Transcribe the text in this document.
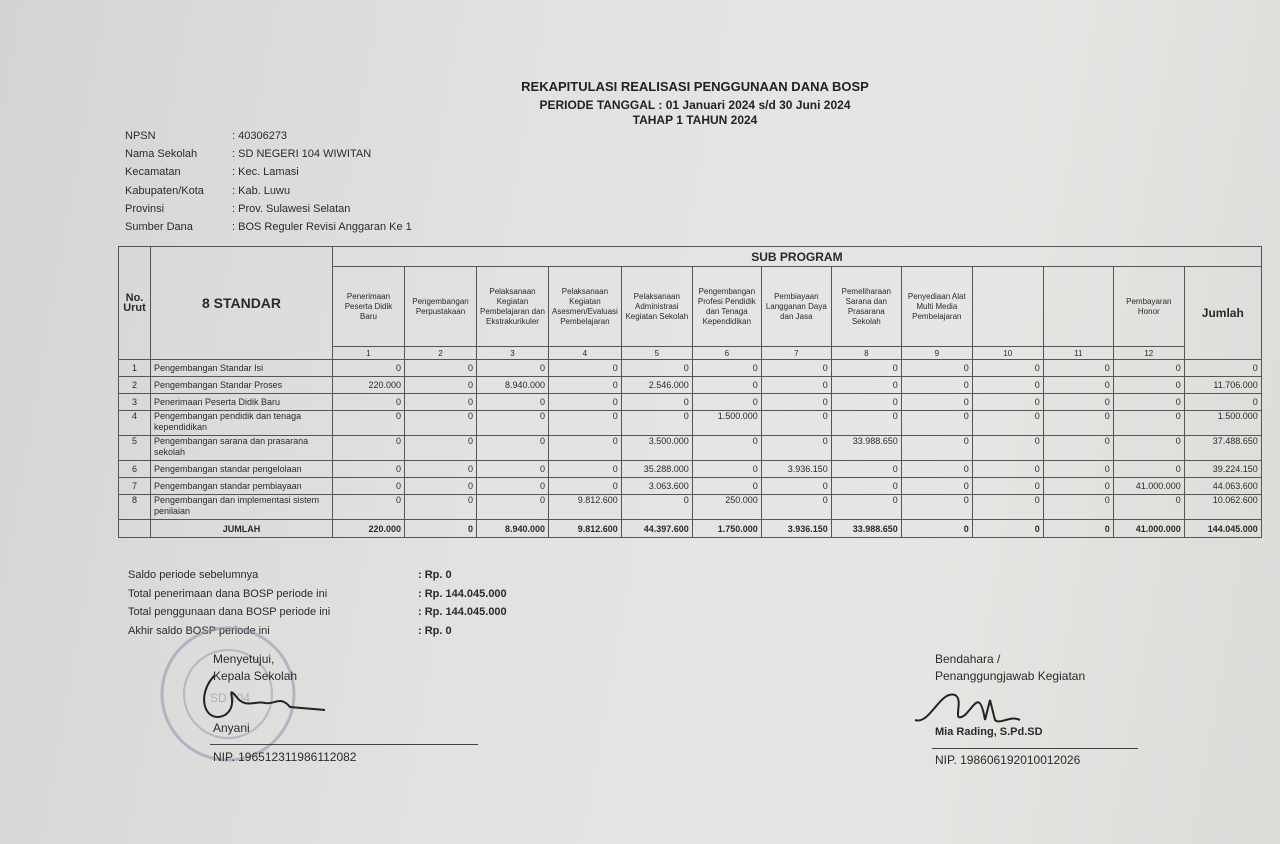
REKAPITULASI REALISASI PENGGUNAAN DANA BOSP
PERIODE TANGGAL : 01 Januari 2024 s/d 30 Juni 2024
TAHAP 1 TAHUN 2024
NPSN	: 40306273
Nama Sekolah	: SD NEGERI 104 WIWITAN
Kecamatan	: Kec. Lamasi
Kabupaten/Kota	: Kab. Luwu
Provinsi	: Prov. Sulawesi Selatan
Sumber Dana	: BOS Reguler Revisi Anggaran Ke 1
No. Urut	8 STANDAR	SUB PROGRAM												
		Penerimaan Peserta Didik Baru	Pengembangan Perpustakaan	Pelaksanaan Kegiatan Pembelajaran dan Ekstrakurikuler	Pelaksanaan Kegiatan Asesmen/Evaluasi Pembelajaran	Pelaksanaan Administrasi Kegiatan Sekolah	Pengembangan Profesi Pendidik dan Tenaga Kependidikan	Pembiayaan Langganan Daya dan Jasa	Pemeliharaan Sarana dan Prasarana Sekolah	Penyediaan Alat Multi Media Pembelajaran			Pembayaran Honor	Jumlah
		1	2	3	4	5	6	7	8	9	10	11	12	
1	Pengembangan Standar Isi	0	0	0	0	0	0	0	0	0	0	0	0	0
2	Pengembangan Standar Proses	220.000	0	8.940.000	0	2.546.000	0	0	0	0	0	0	0	11.706.000
3	Penerimaan Peserta Didik Baru	0	0	0	0	0	0	0	0	0	0	0	0	0
4	Pengembangan pendidik dan tenaga kependidikan	0	0	0	0	0	1.500.000	0	0	0	0	0	0	1.500.000
5	Pengembangan sarana dan prasarana sekolah	0	0	0	0	3.500.000	0	0	33.988.650	0	0	0	0	37.488.650
6	Pengembangan standar pengelolaan	0	0	0	0	35.288.000	0	3.936.150	0	0	0	0	0	39.224.150
7	Pengembangan standar pembiayaan	0	0	0	0	3.063.600	0	0	0	0	0	0	41.000.000	44.063.600
8	Pengembangan dan implementasi sistem penilaian	0	0	0	9.812.600	0	250.000	0	0	0	0	0	0	10.062.600
	JUMLAH	220.000	0	8.940.000	9.812.600	44.397.600	1.750.000	3.936.150	33.988.650	0	0	0	41.000.000	144.045.000
Saldo periode sebelumnya	: Rp. 0
Total penerimaan dana BOSP periode ini	: Rp. 144.045.000
Total penggunaan dana BOSP periode ini	: Rp. 144.045.000
Akhir saldo BOSP periode ini	: Rp. 0
SD 104
Menyetujui,
Kepala Sekolah
Anyani
NIP. 196512311986112082
Bendahara /
Penanggungjawab Kegiatan
Mia Rading, S.Pd.SD
NIP. 198606192010012026
